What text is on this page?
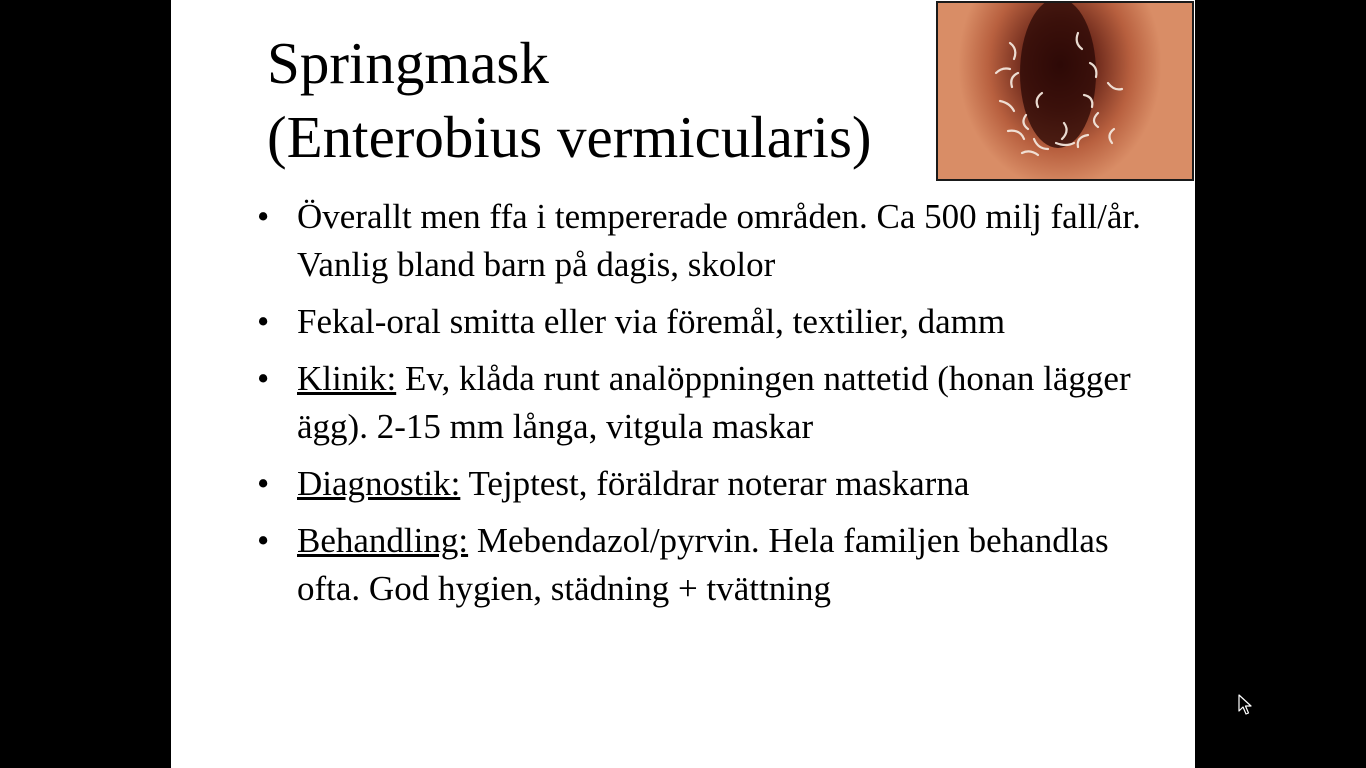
Springmask
(Enterobius vermicularis)
• Överallt men ffa i tempererade områden. Ca 500 milj fall/år. Vanlig bland barn på dagis, skolor
• Fekal-oral smitta eller via föremål, textilier, damm
• Klinik: Ev, klåda runt analöppningen nattetid (honan lägger ägg). 2-15 mm långa, vitgula maskar
• Diagnostik: Tejptest, föräldrar noterar maskarna
• Behandling: Mebendazol/pyrvin. Hela familjen behandlas ofta. God hygien, städning + tvättning
